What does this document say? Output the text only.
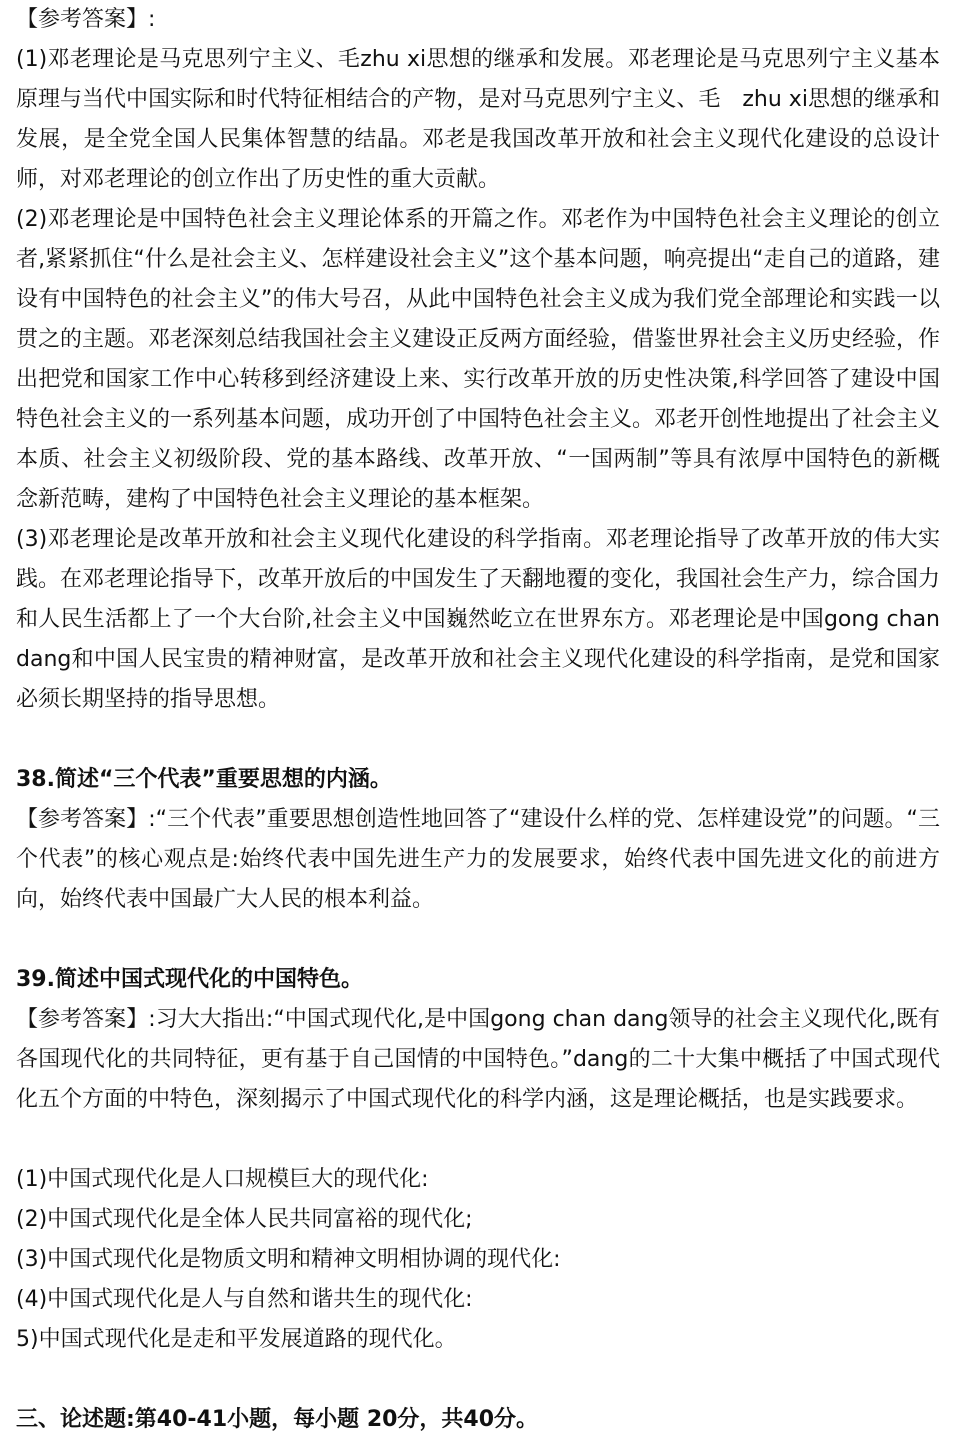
【参考答案】:

(1)邓老理论是马克思列宁主义、毛zhu xi思想的继承和发展。邓老理论是马克思列宁主义基本原理与当代中国实际和时代特征相结合的产物，是对马克思列宁主义、毛　zhu xi思想的继承和发展，是全党全国人民集体智慧的结晶。邓老是我国改革开放和社会主义现代化建设的总设计师，对邓老理论的创立作出了历史性的重大贡献。

(2)邓老理论是中国特色社会主义理论体系的开篇之作。邓老作为中国特色社会主义理论的创立者,紧紧抓住“什么是社会主义、怎样建设社会主义”这个基本问题，响亮提出“走自己的道路，建设有中国特色的社会主义”的伟大号召，从此中国特色社会主义成为我们党全部理论和实践一以贯之的主题。邓老深刻总结我国社会主义建设正反两方面经验，借鉴世界社会主义历史经验，作出把党和国家工作中心转移到经济建设上来、实行改革开放的历史性决策,科学回答了建设中国特色社会主义的一系列基本问题，成功开创了中国特色社会主义。邓老开创性地提出了社会主义本质、社会主义初级阶段、党的基本路线、改革开放、“一国两制”等具有浓厚中国特色的新概念新范畴，建构了中国特色社会主义理论的基本框架。

(3)邓老理论是改革开放和社会主义现代化建设的科学指南。邓老理论指导了改革开放的伟大实践。在邓老理论指导下，改革开放后的中国发生了天翻地覆的变化，我国社会生产力，综合国力和人民生活都上了一个大台阶,社会主义中国巍然屹立在世界东方。邓老理论是中国gong chan dang和中国人民宝贵的精神财富，是改革开放和社会主义现代化建设的科学指南，是党和国家必须长期坚持的指导思想。

38.简述“三个代表”重要思想的内涵。

【参考答案】:“三个代表”重要思想创造性地回答了“建设什么样的党、怎样建设党”的问题。“三个代表”的核心观点是:始终代表中国先进生产力的发展要求，始终代表中国先进文化的前进方向，始终代表中国最广大人民的根本利益。

39.简述中国式现代化的中国特色。

【参考答案】:习大大指出:“中国式现代化,是中国gong chan dang领导的社会主义现代化,既有各国现代化的共同特征，更有基于自己国情的中国特色。”dang的二十大集中概括了中国式现代化五个方面的中特色，深刻揭示了中国式现代化的科学内涵，这是理论概括，也是实践要求。

(1)中国式现代化是人口规模巨大的现代化:

(2)中国式现代化是全体人民共同富裕的现代化;

(3)中国式现代化是物质文明和精神文明相协调的现代化:

(4)中国式现代化是人与自然和谐共生的现代化:

5)中国式现代化是走和平发展道路的现代化。

三、论述题:第40-41小题，每小题 20分，共40分。
